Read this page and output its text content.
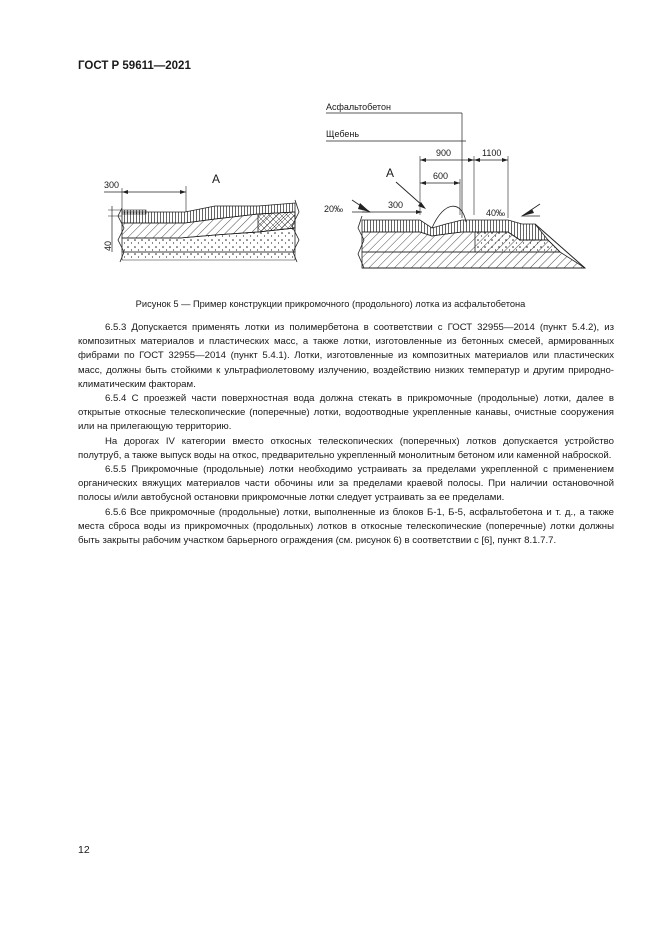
ГОСТ Р 59611—2021
300	А
40
Асфальтобетон
Щебень
900	1100
600
300
А
20‰	40‰
Рисунок 5 — Пример конструкции прикромочного (продольного) лотка из асфальтобетона

6.5.3 Допускается применять лотки из полимербетона в соответствии с ГОСТ 32955—2014 (пункт 5.4.2), из композитных материалов и пластических масс, а также лотки, изготовленные из бетонных смесей, армированных фибрами по ГОСТ 32955—2014 (пункт 5.4.1). Лотки, изготовленные из композитных материалов или пластических масс, должны быть стойкими к ультрафиолетовому излучению, воздействию низких температур и другим природно-климатическим факторам.

6.5.4 С проезжей части поверхностная вода должна стекать в прикромочные (продольные) лотки, далее в открытые откосные телескопические (поперечные) лотки, водоотводные укрепленные канавы, очистные сооружения или на прилегающую территорию.

На дорогах IV категории вместо откосных телескопических (поперечных) лотков допускается устройство полутруб, а также выпуск воды на откос, предварительно укрепленный монолитным бетоном или каменной наброской.

6.5.5 Прикромочные (продольные) лотки необходимо устраивать за пределами укрепленной с применением органических вяжущих материалов части обочины или за пределами краевой полосы. При наличии остановочной полосы и/или автобусной остановки прикромочные лотки следует устраивать за ее пределами.

6.5.6 Все прикромочные (продольные) лотки, выполненные из блоков Б-1, Б-5, асфальтобетона и т. д., а также места сброса воды из прикромочных (продольных) лотков в откосные телескопические (поперечные) лотки должны быть закрыты рабочим участком барьерного ограждения (см. рисунок 6) в соответствии с [6], пункт 8.1.7.7.

12
